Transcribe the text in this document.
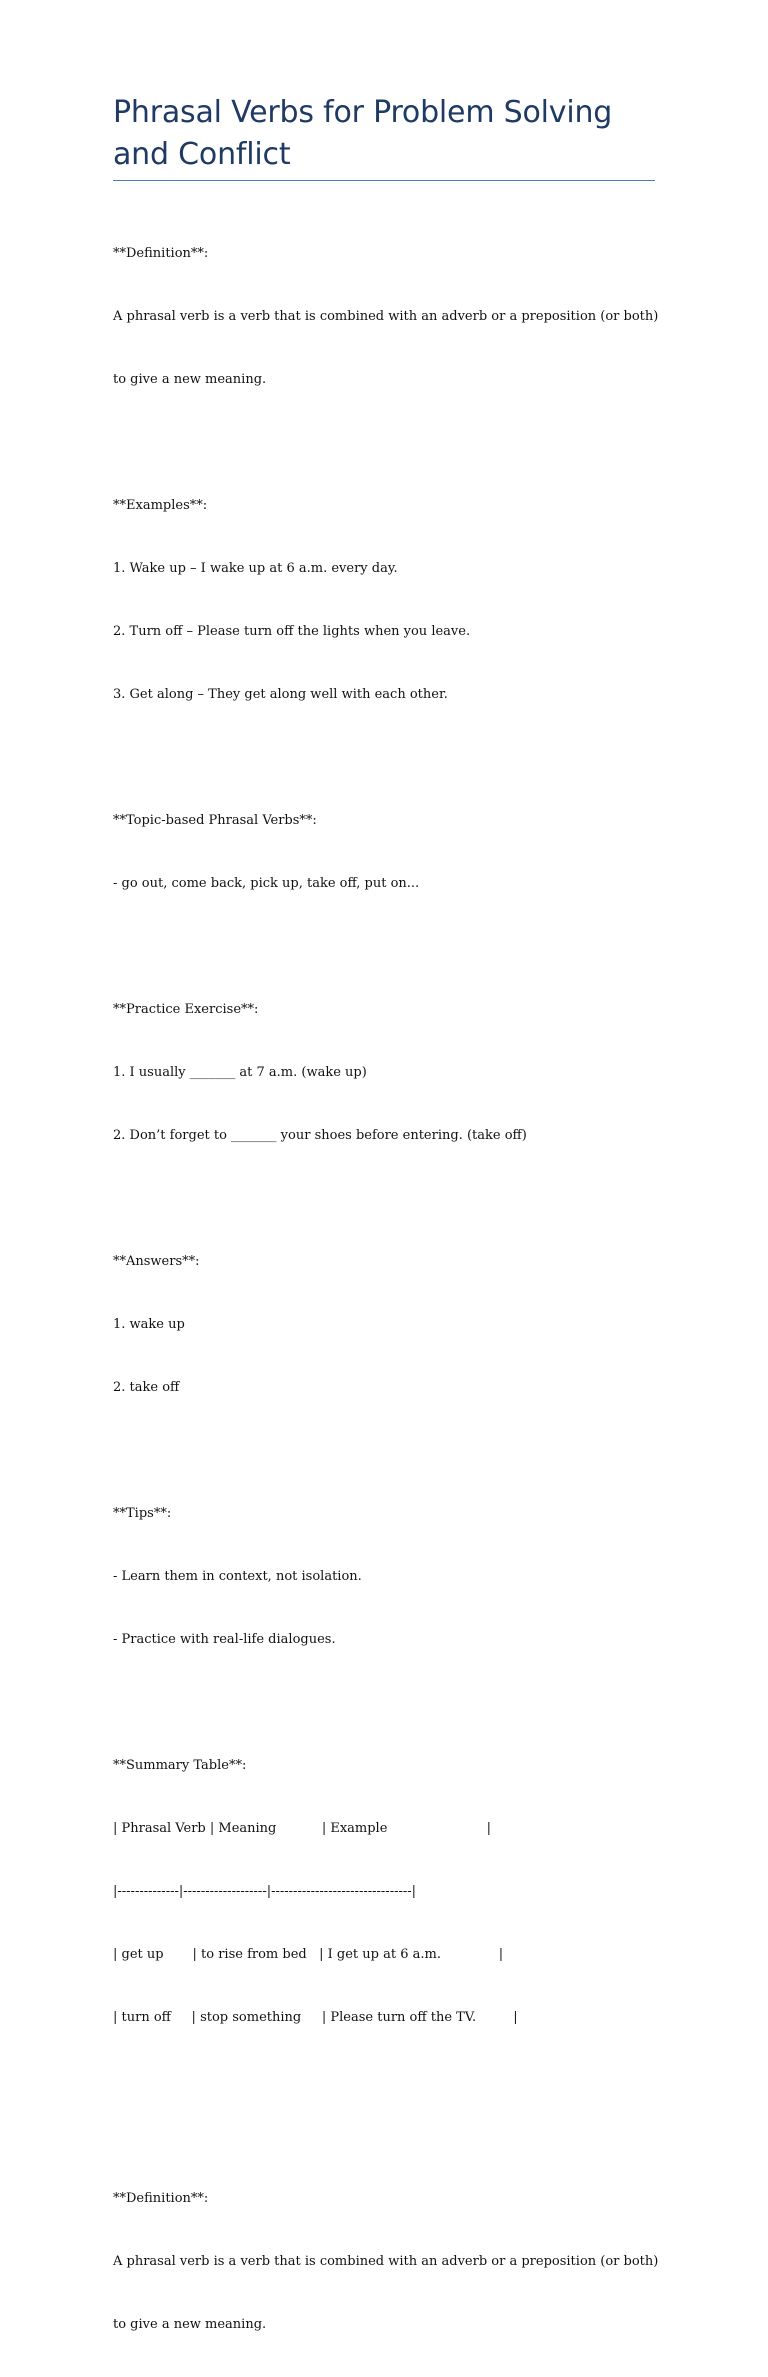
Phrasal Verbs for Problem Solving and Conflict

**Definition**:

A phrasal verb is a verb that is combined with an adverb or a preposition (or both)

to give a new meaning.

**Examples**:

1. Wake up – I wake up at 6 a.m. every day.

2. Turn off – Please turn off the lights when you leave.

3. Get along – They get along well with each other.

**Topic-based Phrasal Verbs**:

- go out, come back, pick up, take off, put on...

**Practice Exercise**:

1. I usually _______ at 7 a.m. (wake up)

2. Don’t forget to _______ your shoes before entering. (take off)

**Answers**:

1. wake up

2. take off

**Tips**:

- Learn them in context, not isolation.

- Practice with real-life dialogues.

**Summary Table**:

| Phrasal Verb | Meaning           | Example                        |

|--------------|-------------------|--------------------------------|

| get up       | to rise from bed   | I get up at 6 a.m.              |

| turn off     | stop something     | Please turn off the TV.         |

**Definition**:

A phrasal verb is a verb that is combined with an adverb or a preposition (or both)

to give a new meaning.
